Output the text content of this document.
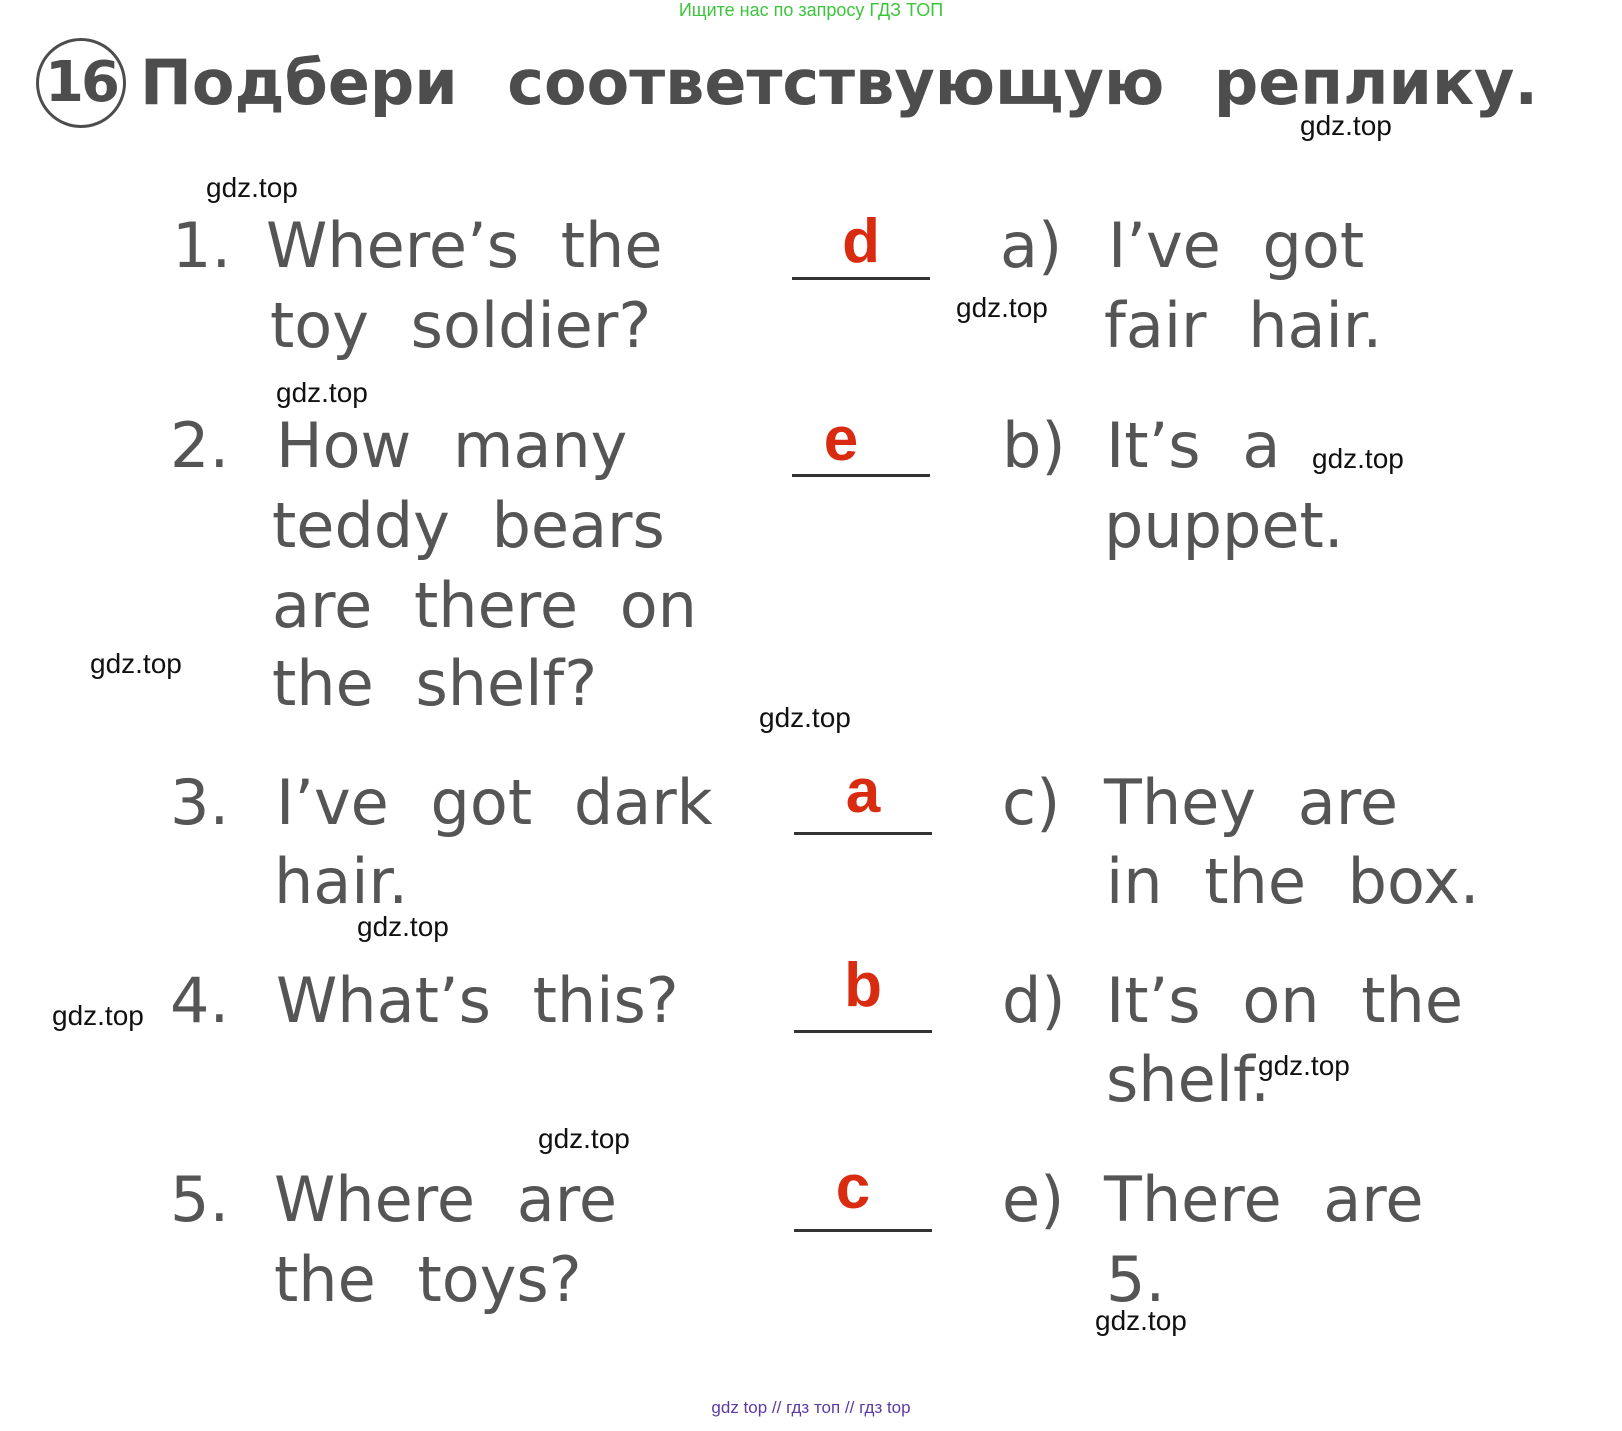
Ищите нас по запросу ГДЗ ТОП
16 Подбери соответствующую реплику.
1. Where’s the
toy soldier?
d
2. How many
teddy bears
are there on
the shelf?
e
3. I’ve got dark
hair.
a
4. What’s this?	b
5. Where are
the toys?
c
a) I’ve got
fair hair.
b) It’s a
puppet.
c) They are
in the box.
d) It’s on the
shelf.
e) There are
5.
gdz.top
gdz.top
gdz.top
gdz.top
gdz.top
gdz.top
gdz.top
gdz.top
gdz.top
gdz.top
gdz.top
gdz.top
gdz top // гдз топ // гдз top
